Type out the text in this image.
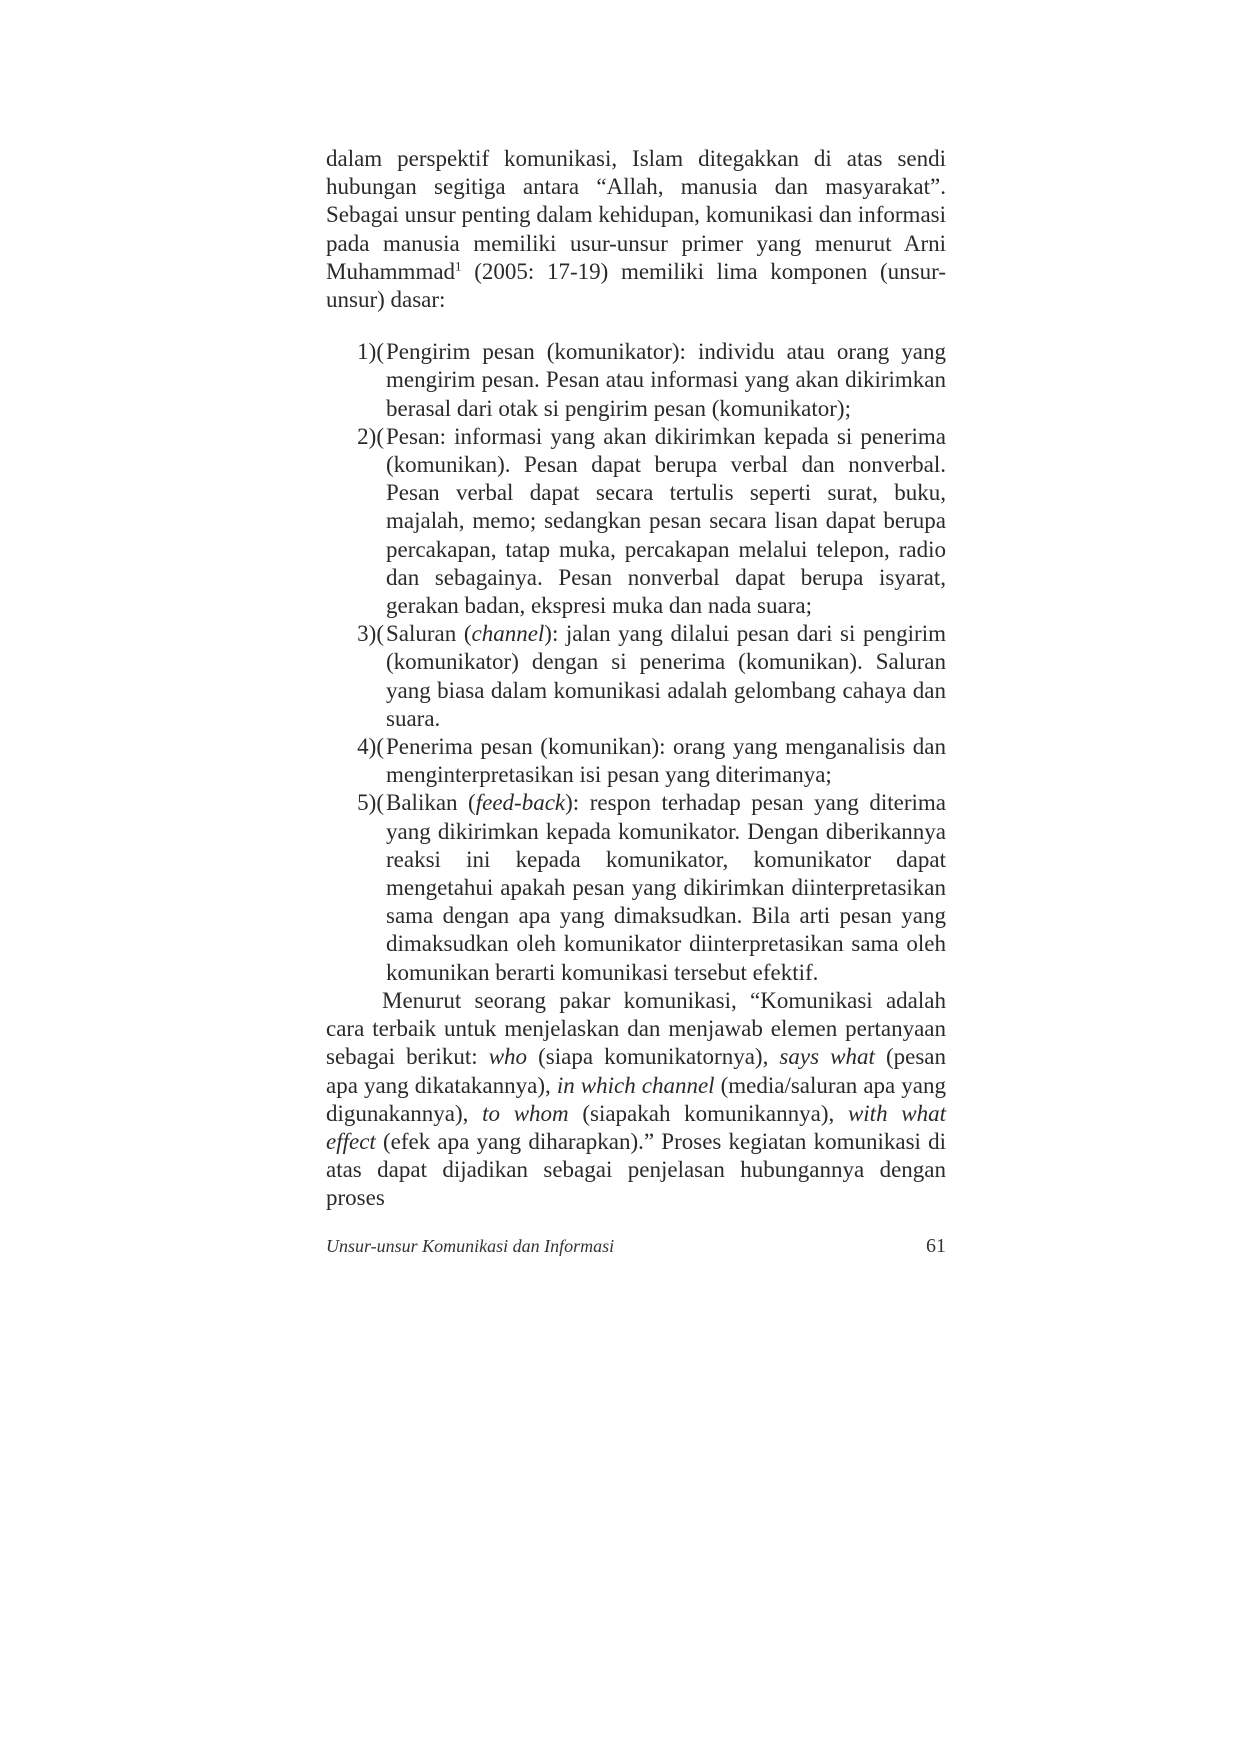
dalam perspektif komunikasi, Islam ditegakkan di atas sendi hubungan segitiga antara “Allah, manusia dan masyarakat”. Sebagai unsur penting dalam kehidupan, komunikasi dan informasi pada manusia memiliki usur-unsur primer yang menurut Arni Muhammmad$^1$ (2005: 17-19) memiliki lima komponen (unsur-unsur) dasar:

1)( Pengirim pesan (komunikator): individu atau orang yang mengirim pesan. Pesan atau informasi yang akan dikirimkan berasal dari otak si pengirim pesan (komunikator);
2)( Pesan: informasi yang akan dikirimkan kepada si penerima (komunikan). Pesan dapat berupa verbal dan nonverbal. Pesan verbal dapat secara tertulis seperti surat, buku, majalah, memo; sedangkan pesan secara lisan dapat berupa percakapan, tatap muka, percakapan melalui telepon, radio dan sebagainya. Pesan nonverbal dapat berupa isyarat, gerakan badan, ekspresi muka dan nada suara;
3)( Saluran (channel): jalan yang dilalui pesan dari si pengirim (komunikator) dengan si penerima (komunikan). Saluran yang biasa dalam komunikasi adalah gelombang cahaya dan suara.
4)( Penerima pesan (komunikan): orang yang menganalisis dan menginterpretasikan isi pesan yang diterimanya;
5)( Balikan (feed-back): respon terhadap pesan yang diterima yang dikirimkan kepada komunikator. Dengan diberikannya reaksi ini kepada komunikator, komunikator dapat mengetahui apakah pesan yang dikirimkan diinterpretasikan sama dengan apa yang dimaksudkan. Bila arti pesan yang dimaksudkan oleh komunikator diinterpretasikan sama oleh komunikan berarti komunikasi tersebut efektif.

Menurut seorang pakar komunikasi, “Komunikasi adalah cara terbaik untuk menjelaskan dan menjawab elemen pertanyaan sebagai berikut: who (siapa komunikatornya), says what (pesan apa yang dikatakannya), in which channel (media/saluran apa yang digunakannya), to whom (siapakah komunikannya), with what effect (efek apa yang diharapkan).” Proses kegiatan komunikasi di atas dapat dijadikan sebagai penjelasan hubungannya dengan proses

Unsur-unsur Komunikasi dan Informasi	61
